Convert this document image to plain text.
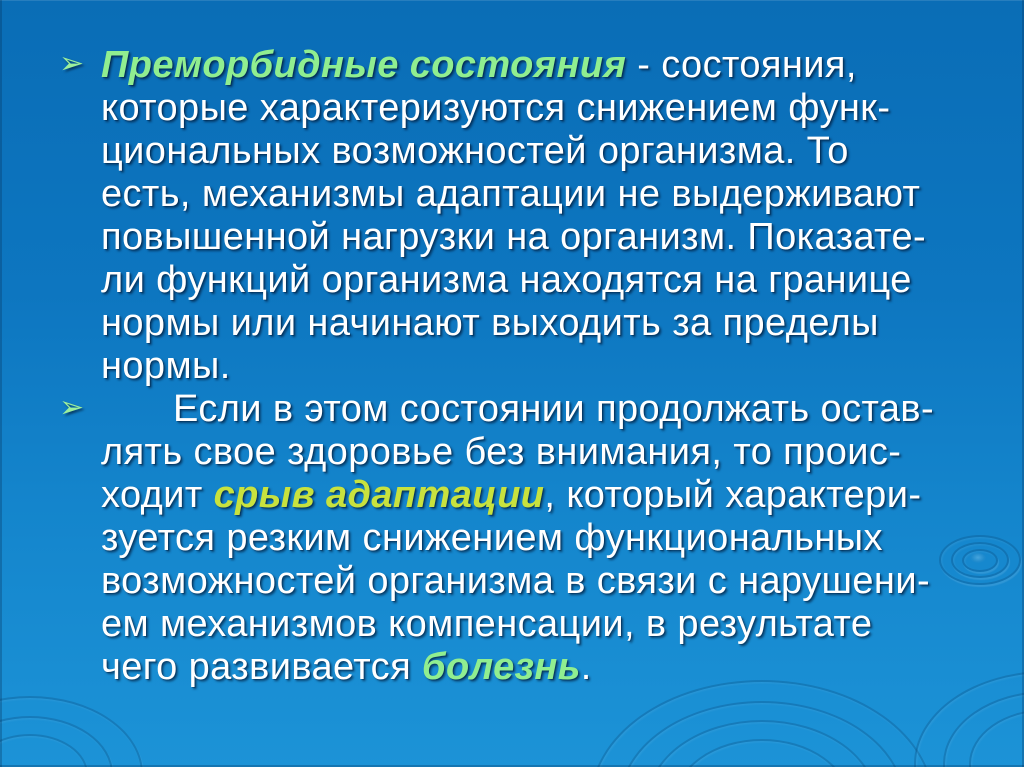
➢ Преморбидные состояния - состояния,
которые характеризуются снижением функ-
циональных возможностей организма. То
есть, механизмы адаптации не выдерживают
повышенной нагрузки на организм. Показате-
ли функций организма находятся на границе
нормы или начинают выходить за пределы
нормы.
➢	Если в этом состоянии продолжать остав-
лять свое здоровье без внимания, то проис-
ходит срыв адаптации, который характери-
зуется резким снижением функциональных
возможностей организма в связи с нарушени-
ем механизмов компенсации, в результате
чего развивается болезнь.
